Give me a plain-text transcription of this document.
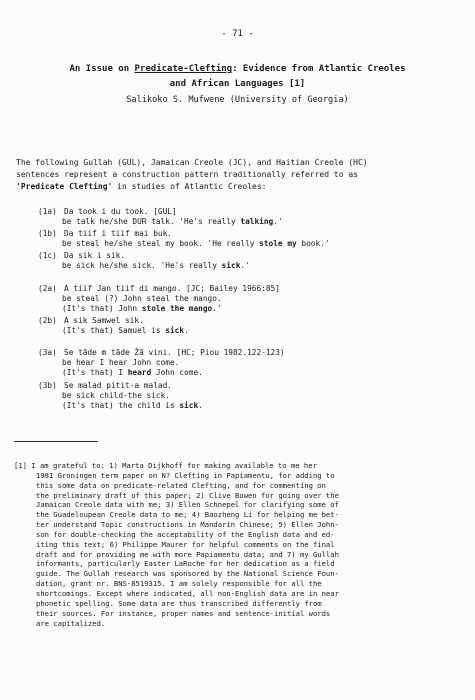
- 71 -
An Issue on Predicate-Clefting: Evidence from Atlantic Creoles
and African Languages [1]
Salikoko S. Mufwene (University of Georgia)
The following Gullah (GUL), Jamaican Creole (JC), and Haitian Creole (HC)
sentences represent a construction pattern traditionally referred to as
'Predicate Clefting' in studies of Atlantic Creoles:
(1a) Da took i du took. [GUL]
be talk he/she DUR talk. 'He's really talking.'
(1b) Da tiif i tiif mai buk.
be steal he/she steal my book. 'He really stole my book.'
(1c) Da sik i sik.
be sick he/she sick. 'He's really sick.'
(2a) A tiif Jan tiif di mango. [JC; Bailey 1966:85]
be steal (?) John steal the mango.
(It's that) John stole the mango.'
(2b) A sik Samwel sik.
(It's that) Samuel is sick.
(3a) Se tãde m tãde Žã vini. [HC; Piou 1982.122-123)
be hear I hear John come.
(It's that) I heard John come.
(3b) Se malad pitit-a malad.
be sick child-the sick.
(It's that) the child is sick.
[1] I am grateful to: 1) Marta Dijkhoff for making available to me her
1981 Groningen term paper on N? Clefting in Papiamentu, for adding to
this some data on predicate-related Clefting, and for commenting on
the preliminary draft of this paper; 2) Clive Bowen for going over the
Jamaican Creole data with me; 3) Ellen Schnepel for clarifying some of
the Guadeloupean Creole data to me; 4) Baozheng Li for helping me bet-
ter understand Topic constructions in Mandarin Chinese; 5) Ellen John-
son for double-checking the acceptability of the English data and ed-
iting this text; 6) Philippe Maurer for helpful comments on the final
draft and for providing me with more Papiamentu data; and 7) my Gullah
informants, particularly Easter LaRoche for her dedication as a field
guide. The Gullah research was sponsored by the National Science Foun-
dation, grant nr. BNS-8519315. I am solely responsible for all the
shortcomings. Except where indicated, all non-English data are in near
phonetic spelling. Some data are thus transcribed differently from
their sources. For instance, proper names and sentence-initial words
are capitalized.
